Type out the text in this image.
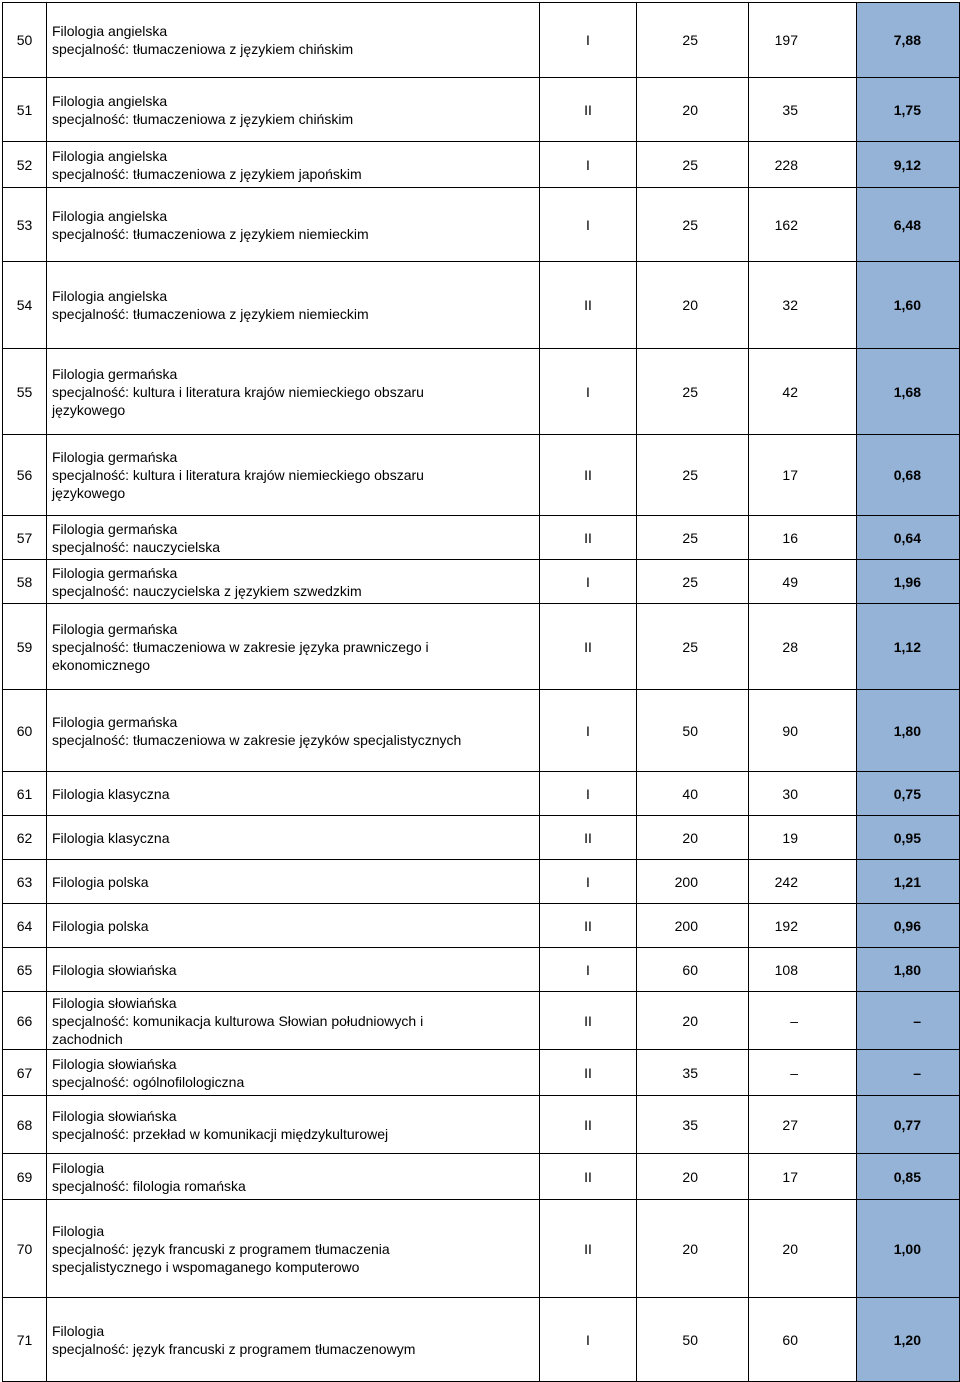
50	Filologia angielska
specjalność: tłumaczeniowa z językiem chińskim	I	25	197	7,88
51	Filologia angielska
specjalność: tłumaczeniowa z językiem chińskim	II	20	35	1,75
52	Filologia angielska
specjalność: tłumaczeniowa z językiem japońskim	I	25	228	9,12
53	Filologia angielska
specjalność: tłumaczeniowa z językiem niemieckim	I	25	162	6,48
54	Filologia angielska
specjalność: tłumaczeniowa z językiem niemieckim	II	20	32	1,60
55	Filologia germańska
specjalność: kultura i literatura krajów niemieckiego obszaru
językowego	I	25	42	1,68
56	Filologia germańska
specjalność: kultura i literatura krajów niemieckiego obszaru
językowego	II	25	17	0,68
57	Filologia germańska
specjalność: nauczycielska	II	25	16	0,64
58	Filologia germańska
specjalność: nauczycielska z językiem szwedzkim	I	25	49	1,96
59	Filologia germańska
specjalność: tłumaczeniowa w zakresie języka prawniczego i
ekonomicznego	II	25	28	1,12
60	Filologia germańska
specjalność: tłumaczeniowa w zakresie języków specjalistycznych	I	50	90	1,80
61	Filologia klasyczna	I	40	30	0,75
62	Filologia klasyczna	II	20	19	0,95
63	Filologia polska	I	200	242	1,21
64	Filologia polska	II	200	192	0,96
65	Filologia słowiańska	I	60	108	1,80
66	Filologia słowiańska
specjalność: komunikacja kulturowa Słowian południowych i
zachodnich	II	20	–	–
67	Filologia słowiańska
specjalność: ogólnofilologiczna	II	35	–	–
68	Filologia słowiańska
specjalność: przekład w komunikacji międzykulturowej	II	35	27	0,77
69	Filologia
specjalność: filologia romańska	II	20	17	0,85
70	Filologia
specjalność: język francuski z programem tłumaczenia
specjalistycznego i wspomaganego komputerowo	II	20	20	1,00
71	Filologia
specjalność: język francuski z programem tłumaczenowym	I	50	60	1,20
